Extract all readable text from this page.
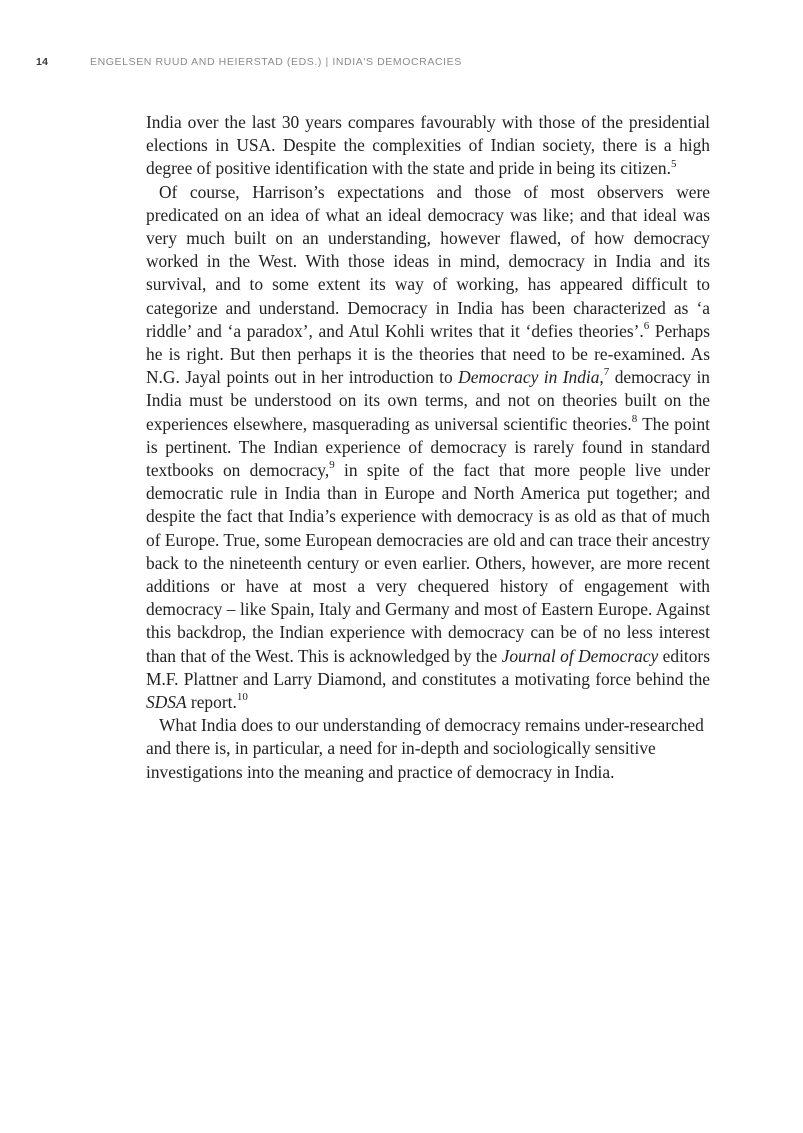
14	ENGELSEN RUUD AND HEIERSTAD (EDS.) | INDIA'S DEMOCRACIES

India over the last 30 years compares favourably with those of the presidential elections in USA. Despite the complexities of Indian society, there is a high degree of positive identification with the state and pride in being its citizen.$^5$

Of course, Harrison’s expectations and those of most observers were predicated on an idea of what an ideal democracy was like; and that ideal was very much built on an understanding, however flawed, of how democracy worked in the West. With those ideas in mind, democracy in India and its survival, and to some extent its way of working, has appeared difficult to categorize and understand. Democracy in India has been characterized as ‘a riddle’ and ‘a paradox’, and Atul Kohli writes that it ‘defies theories’.$^6$ Perhaps he is right. But then perhaps it is the theories that need to be re-examined. As N.G. Jayal points out in her introduction to Democracy in India,$^7$ democracy in India must be understood on its own terms, and not on theories built on the experiences elsewhere, masquerading as universal scientific theories.$^8$ The point is pertinent. The Indian experience of democracy is rarely found in standard textbooks on democracy,$^9$ in spite of the fact that more people live under democratic rule in India than in Europe and North America put together; and despite the fact that India’s experience with democracy is as old as that of much of Europe. True, some European democracies are old and can trace their ancestry back to the nineteenth century or even earlier. Others, however, are more recent additions or have at most a very chequered history of engagement with democracy – like Spain, Italy and Germany and most of Eastern Europe. Against this backdrop, the Indian experience with democracy can be of no less interest than that of the West. This is acknowledged by the Journal of Democracy editors M.F. Plattner and Larry Diamond, and constitutes a motivating force behind the SDSA report.$^{10}$

What India does to our understanding of democracy remains under-researched and there is, in particular, a need for in-depth and sociologically sensitive investigations into the meaning and practice of democracy in India.
